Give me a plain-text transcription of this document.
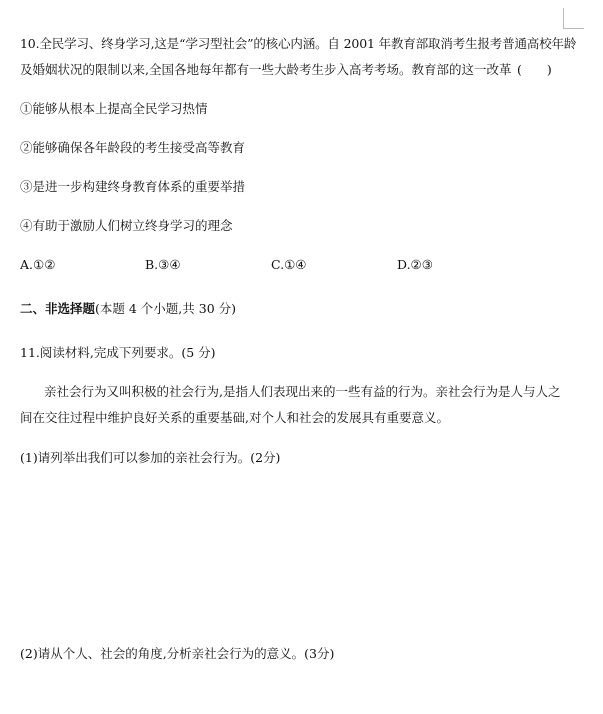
10.全民学习、终身学习,这是“学习型社会”的核心内涵。自 2001 年教育部取消考生报考普通高校年龄
及婚姻状况的限制以来,全国各地每年都有一些大龄考生步入高考考场。教育部的这一改革 (　　)
①能够从根本上提高全民学习热情
②能够确保各年龄段的考生接受高等教育
③是进一步构建终身教育体系的重要举措
④有助于激励人们树立终身学习的理念
A.①②	B.③④	C.①④	D.②③
二、非选择题(本题 4 个小题,共 30 分)
11.阅读材料,完成下列要求。(5 分)
亲社会行为又叫积极的社会行为,是指人们表现出来的一些有益的行为。亲社会行为是人与人之
间在交往过程中维护良好关系的重要基础,对个人和社会的发展具有重要意义。
(1)请列举出我们可以参加的亲社会行为。(2分)
(2)请从个人、社会的角度,分析亲社会行为的意义。(3分)
